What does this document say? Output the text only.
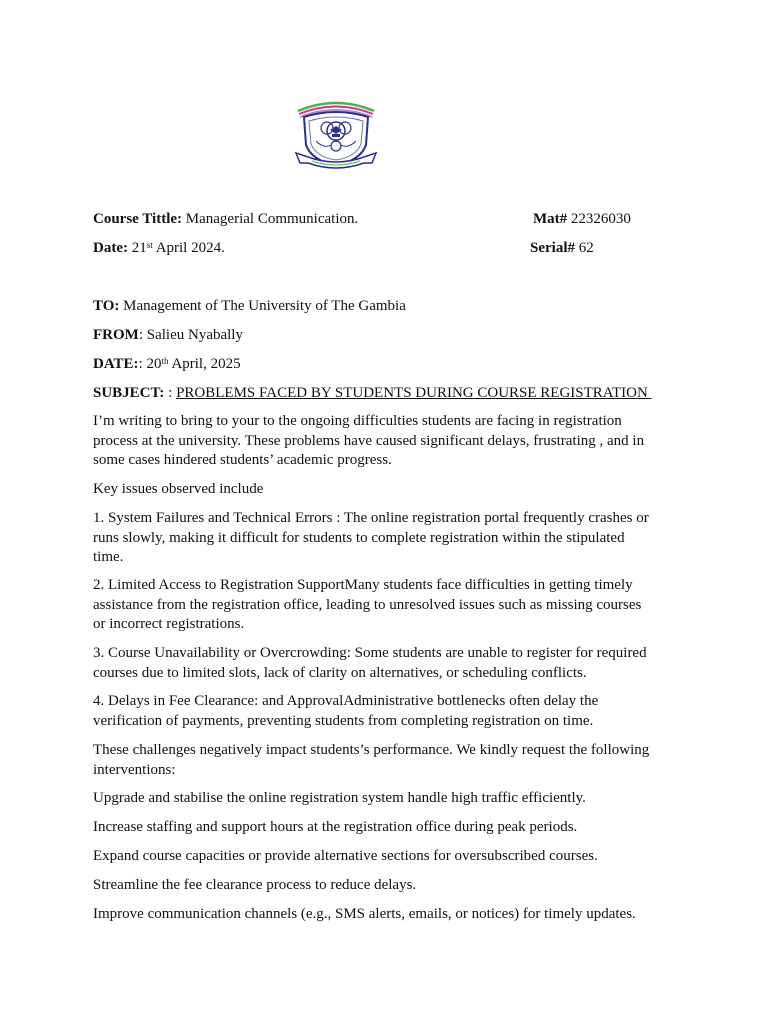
Course Tittle: Managerial Communication.	Mat# 22326030
Date: 21st April 2024.	Serial# 62
TO: Management of The University of The Gambia
FROM: Salieu Nyabally
DATE:: 20th April, 2025
SUBJECT: : PROBLEMS FACED BY STUDENTS DURING COURSE REGISTRATION
I’m writing to bring to your to the ongoing difficulties students are facing in registration
process at the university. These problems have caused significant delays, frustrating , and in
some cases hindered students’ academic progress.
Key issues observed include
1. System Failures and Technical Errors : The online registration portal frequently crashes or
runs slowly, making it difficult for students to complete registration within the stipulated
time.
2. Limited Access to Registration SupportMany students face difficulties in getting timely
assistance from the registration office, leading to unresolved issues such as missing courses
or incorrect registrations.
3. Course Unavailability or Overcrowding: Some students are unable to register for required
courses due to limited slots, lack of clarity on alternatives, or scheduling conflicts.
4. Delays in Fee Clearance: and ApprovalAdministrative bottlenecks often delay the
verification of payments, preventing students from completing registration on time.
These challenges negatively impact students’s performance. We kindly request the following
interventions:
Upgrade and stabilise the online registration system handle high traffic efficiently.
Increase staffing and support hours at the registration office during peak periods.
Expand course capacities or provide alternative sections for oversubscribed courses.
Streamline the fee clearance process to reduce delays.
Improve communication channels (e.g., SMS alerts, emails, or notices) for timely updates.
